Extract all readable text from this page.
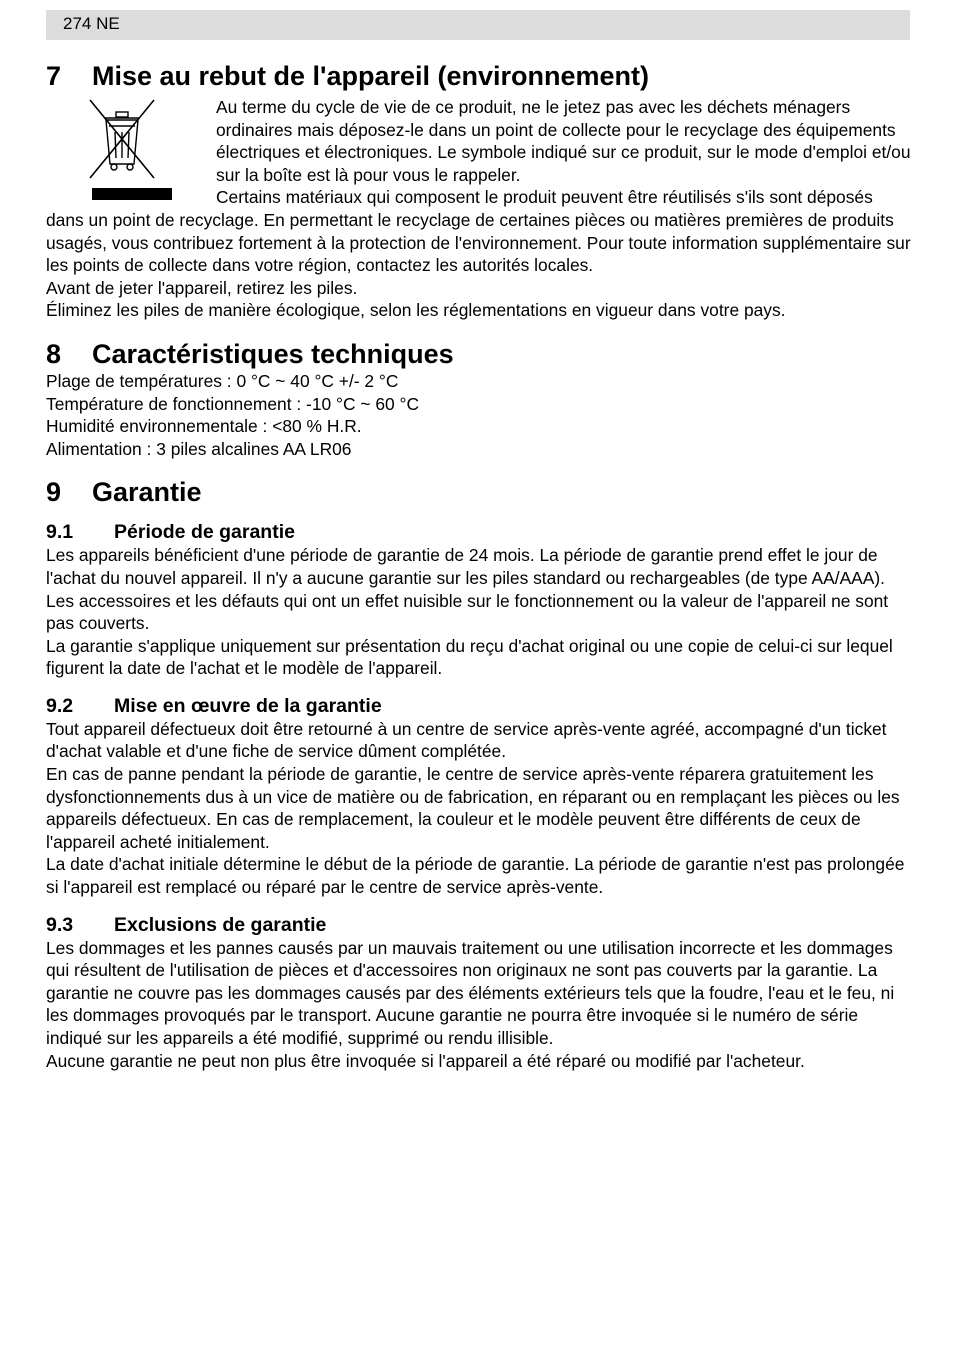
274 NE
7	Mise au rebut de l'appareil (environnement)

Au terme du cycle de vie de ce produit, ne le jetez pas avec les déchets ménagers ordinaires mais déposez-le dans un point de collecte pour le recyclage des équipements électriques et électroniques. Le symbole indiqué sur ce produit, sur le mode d'emploi et/ou sur la boîte est là pour vous le rappeler.

Certains matériaux qui composent le produit peuvent être réutilisés s'ils sont déposés dans un point de recyclage. En permettant le recyclage de certaines pièces ou matières premières de produits usagés, vous contribuez fortement à la protection de l'environnement. Pour toute information supplémentaire sur les points de collecte dans votre région, contactez les autorités locales.

Avant de jeter l'appareil, retirez les piles.

Éliminez les piles de manière écologique, selon les réglementations en vigueur dans votre pays.

8	Caractéristiques techniques

Plage de températures : 0 °C ~ 40 °C +/- 2 °C

Température de fonctionnement : -10 °C ~ 60 °C

Humidité environnementale : <80 % H.R.

Alimentation : 3 piles alcalines AA LR06

9	Garantie
9.1	Période de garantie

Les appareils bénéficient d'une période de garantie de 24 mois. La période de garantie prend effet le jour de l'achat du nouvel appareil. Il n'y a aucune garantie sur les piles standard ou rechargeables (de type AA/AAA). Les accessoires et les défauts qui ont un effet nuisible sur le fonctionnement ou la valeur de l'appareil ne sont pas couverts.

La garantie s'applique uniquement sur présentation du reçu d'achat original ou une copie de celui-ci sur lequel figurent la date de l'achat et le modèle de l'appareil.

9.2	Mise en œuvre de la garantie

Tout appareil défectueux doit être retourné à un centre de service après-vente agréé, accompagné d'un ticket d'achat valable et d'une fiche de service dûment complétée.

En cas de panne pendant la période de garantie, le centre de service après-vente réparera gratuitement les dysfonctionnements dus à un vice de matière ou de fabrication, en réparant ou en remplaçant les pièces ou les appareils défectueux. En cas de remplacement, la couleur et le modèle peuvent être différents de ceux de l'appareil acheté initialement.

La date d'achat initiale détermine le début de la période de garantie. La période de garantie n'est pas prolongée si l'appareil est remplacé ou réparé par le centre de service après-vente.

9.3	Exclusions de garantie

Les dommages et les pannes causés par un mauvais traitement ou une utilisation incorrecte et les dommages qui résultent de l'utilisation de pièces et d'accessoires non originaux ne sont pas couverts par la garantie. La garantie ne couvre pas les dommages causés par des éléments extérieurs tels que la foudre, l'eau et le feu, ni les dommages provoqués par le transport. Aucune garantie ne pourra être invoquée si le numéro de série indiqué sur les appareils a été modifié, supprimé ou rendu illisible.

Aucune garantie ne peut non plus être invoquée si l'appareil a été réparé ou modifié par l'acheteur.
